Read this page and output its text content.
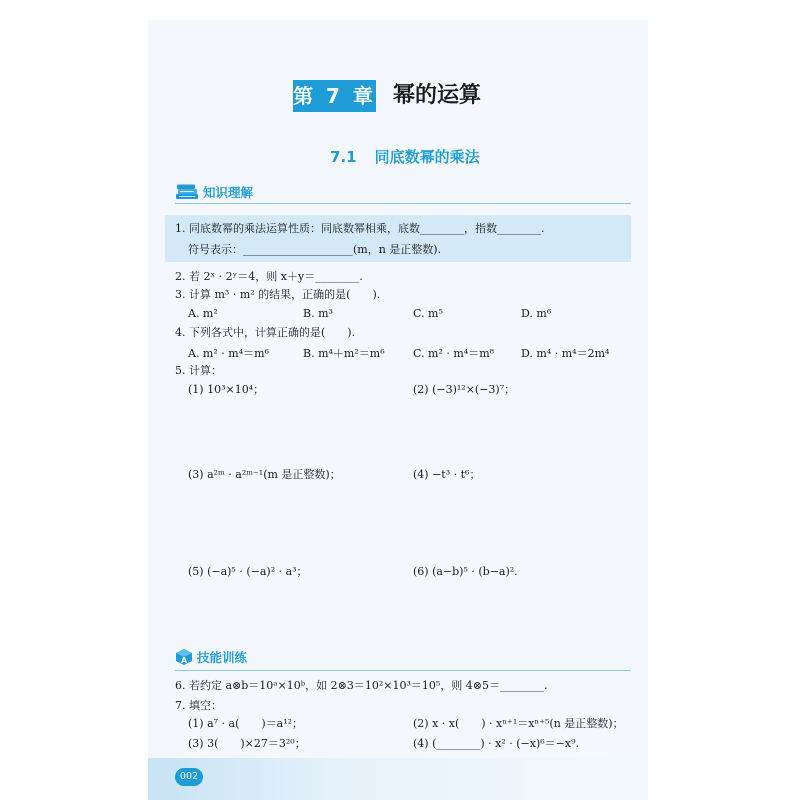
第 7 章 幂的运算
7.1 同底数幂的乘法
知识理解
1. 同底数幂的乘法运算性质：同底数幂相乘，底数________，指数________.
符号表示：____________________(m，n 是正整数).
2. 若 2ˣ · 2ʸ＝4，则 x＋y＝________.
3. 计算 m³ · m² 的结果，正确的是(　　).
A. m²	B. m³	C. m⁵	D. m⁶
4. 下列各式中，计算正确的是(　　).
A. m² · m⁴＝m⁶	B. m⁴＋m²＝m⁶	C. m² · m⁴＝m⁸ D. m⁴ · m⁴＝2m⁴
5. 计算：
(1) 10³×10⁴；	(2) (−3)¹²×(−3)⁷；
(3) a²ᵐ · a²ᵐ⁻¹(m 是正整数)；	(4) −t³ · t⁶；
(5) (−a)⁵ · (−a)² · a³；	(6) (a−b)⁵ · (b−a)².
A 技能训练
6. 若约定 a⊗b＝10ᵃ×10ᵇ，如 2⊗3＝10²×10³＝10⁵，则 4⊗5＝________.
7. 填空：
(1) a⁷ · a(　　)＝a¹²；	(2) x · x(　　) · xⁿ⁺¹＝xⁿ⁺⁵(n 是正整数)；
(3) 3(　　)×27＝3²⁰；	(4) (________) · x² · (−x)⁶＝−x⁹.
002
